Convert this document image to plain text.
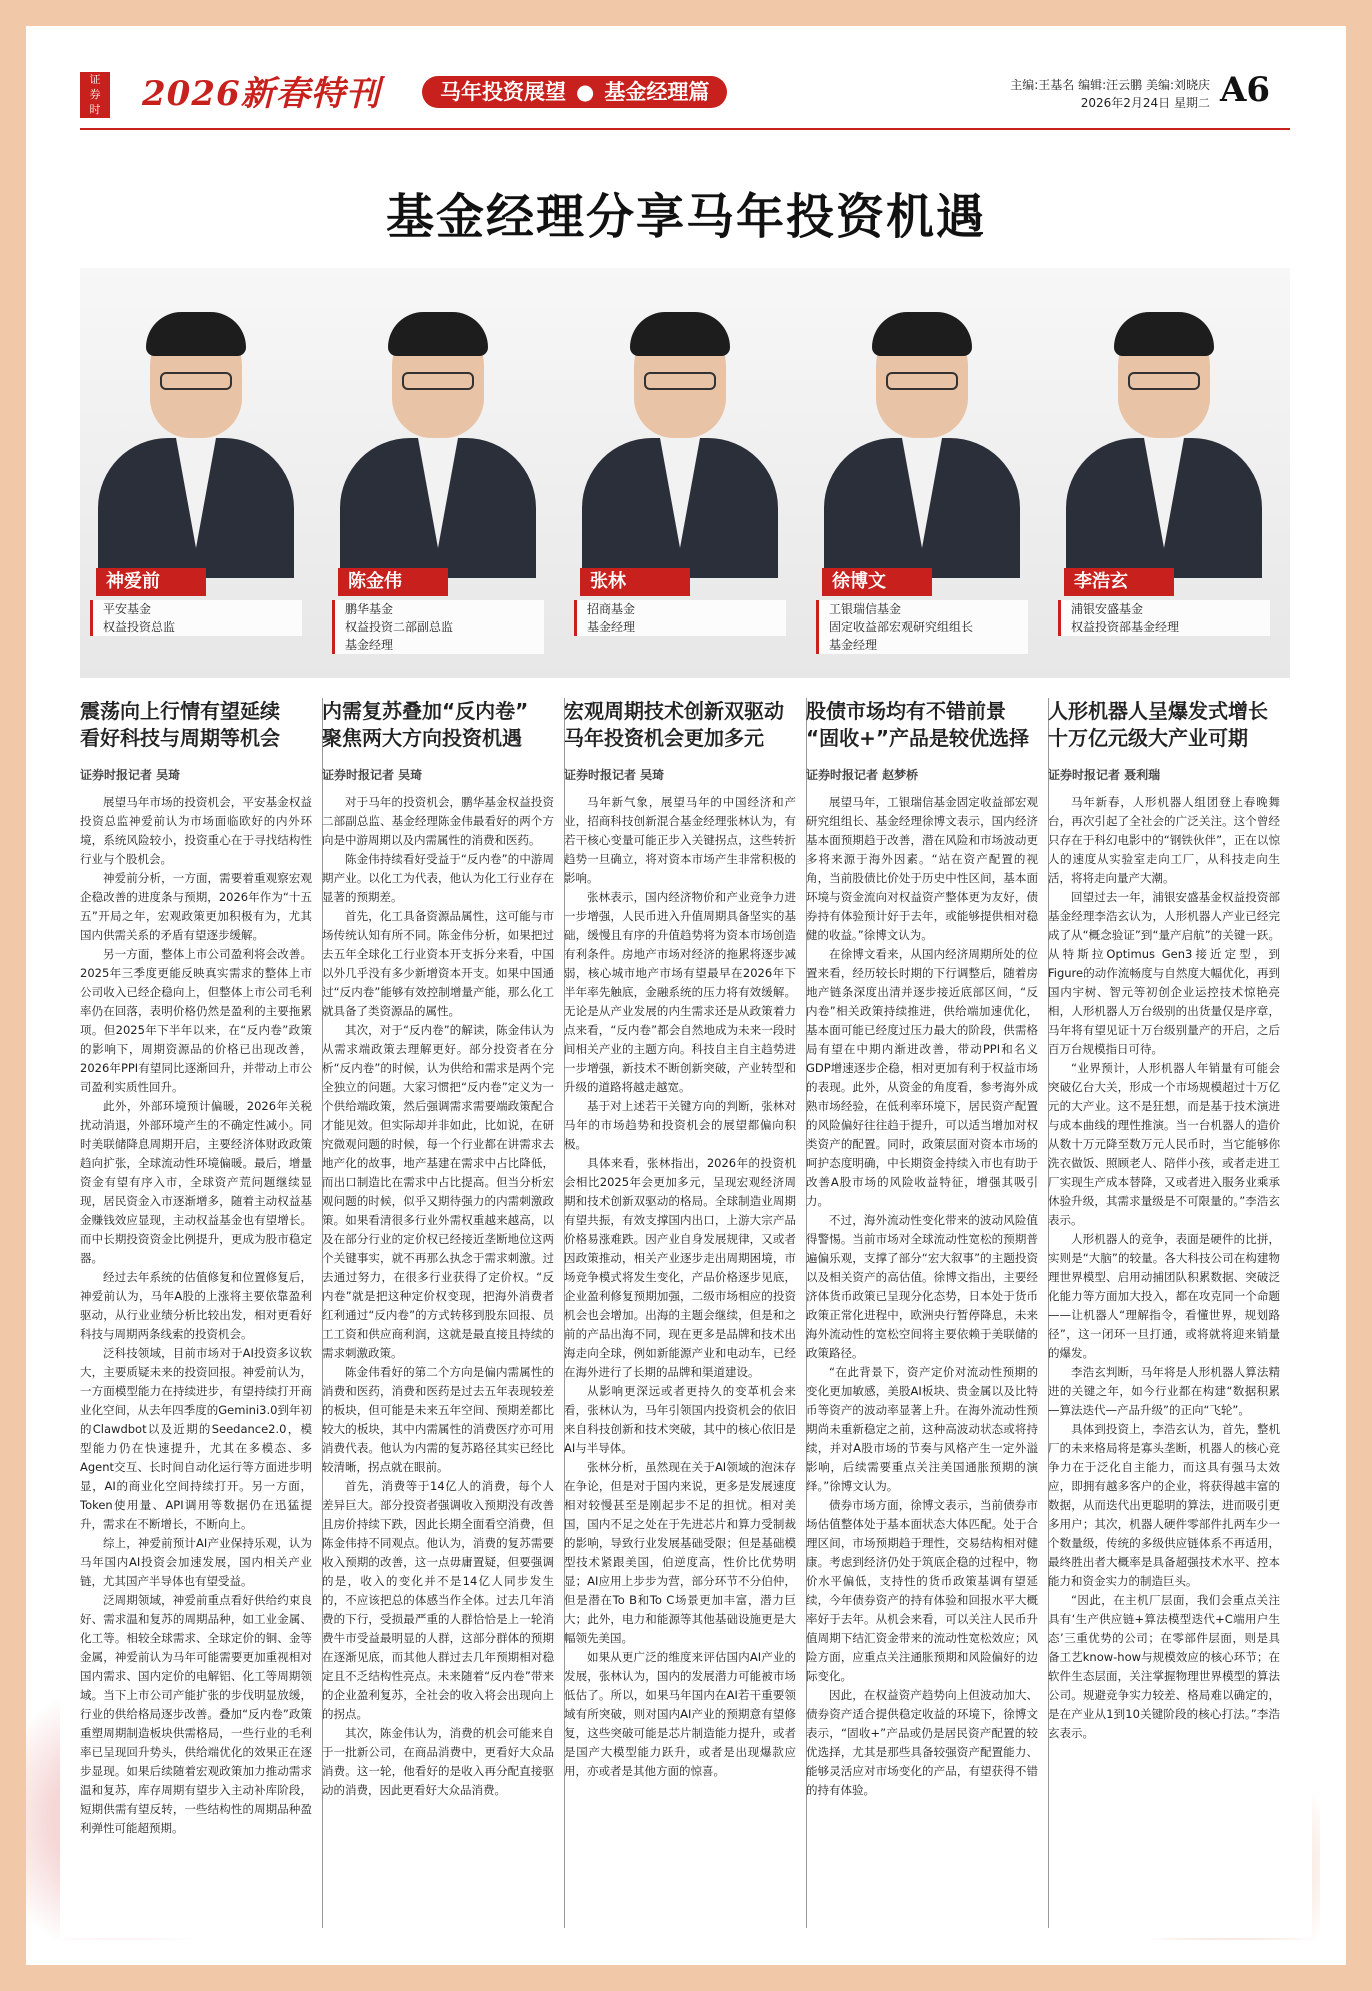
证
券
时 2026新春特刊	马年投资展望 ● 基金经理篇	主编:王基名 编辑:汪云鹏 美编:刘晓庆
2026年2月24日 星期二 A6
基金经理分享马年投资机遇
神爱前
平安基金
权益投资总监
陈金伟
鹏华基金
权益投资二部副总监
基金经理
张林
招商基金
基金经理
徐博文
工银瑞信基金
固定收益部宏观研究组组长
基金经理
李浩玄
浦银安盛基金
权益投资部基金经理
震荡向上行情有望延续
看好科技与周期等机会
证券时报记者 吴琦

展望马年市场的投资机会，平安基金权益投资总监神爱前认为市场面临欧好的内外环境，系统风险较小，投资重心在于寻找结构性行业与个股机会。

神爱前分析，一方面，需要着重观察宏观企稳改善的进度条与预期，2026年作为“十五五”开局之年，宏观政策更加积极有为，尤其国内供需关系的矛盾有望逐步缓解。

另一方面，整体上市公司盈利将会改善。2025年三季度更能反映真实需求的整体上市公司收入已经企稳向上，但整体上市公司毛利率仍在回落，表明价格仍然是盈利的主要拖累项。但2025年下半年以来，在“反内卷”政策的影响下，周期资源品的价格已出现改善，2026年PPI有望同比逐渐回升，并带动上市公司盈利实质性回升。

此外，外部环境预计偏暖，2026年关税扰动消退，外部环境产生的不确定性减小。同时美联储降息周期开启，主要经济体财政政策趋向扩张，全球流动性环境偏暖。最后，增量资金有望有序入市，全球资产荒问题继续显现，居民资金入市逐渐增多，随着主动权益基金赚钱效应显现，主动权益基金也有望增长。而中长期投资资金比例提升，更成为股市稳定器。

经过去年系统的估值修复和位置修复后，神爱前认为，马年A股的上涨将主要依靠盈利驱动，从行业业绩分析比较出发，相对更看好科技与周期两条线索的投资机会。

泛科技领域，目前市场对于AI投资多议软大，主要质疑未来的投资回报。神爱前认为，一方面模型能力在持续进步，有望持续打开商业化空间，从去年四季度的Gemini3.0到年初的Clawdbot以及近期的Seedance2.0，模型能力仍在快速提升，尤其在多模态、多Agent交互、长时间自动化运行等方面进步明显，AI的商业化空间持续打开。另一方面，Token使用量、API调用等数据仍在迅猛提升，需求在不断增长，不断向上。

综上，神爱前预计AI产业保持乐观，认为马年国内AI投资会加速发展，国内相关产业链，尤其国产半导体也有望受益。

泛周期领域，神爱前重点看好供给约束良好、需求温和复苏的周期品种，如工业金属、化工等。相较全球需求、全球定价的铜、金等金属，神爱前认为马年可能需要更加重视相对国内需求、国内定价的电解铝、化工等周期领域。当下上市公司产能扩张的步伐明显放缓，行业的供给格局逐步改善。叠加“反内卷”政策重塑周期制造板块供需格局，一些行业的毛利率已呈现回升势头，供给端优化的效果正在逐步显现。如果后续随着宏观政策加力推动需求温和复苏，库存周期有望步入主动补库阶段，短期供需有望反转，一些结构性的周期品种盈利弹性可能超预期。

内需复苏叠加“反内卷”
聚焦两大方向投资机遇
证券时报记者 吴琦

对于马年的投资机会，鹏华基金权益投资二部副总监、基金经理陈金伟最看好的两个方向是中游周期以及内需属性的消费和医药。

陈金伟持续看好受益于“反内卷”的中游周期产业。以化工为代表，他认为化工行业存在显著的预期差。

首先，化工具备资源品属性，这可能与市场传统认知有所不同。陈金伟分析，如果把过去五年全球化工行业资本开支拆分来看，中国以外几乎没有多少新增资本开支。如果中国通过“反内卷”能够有效控制增量产能，那么化工就具备了类资源品的属性。

其次，对于“反内卷”的解读，陈金伟认为从需求端政策去理解更好。部分投资者在分析“反内卷”的时候，认为供给和需求是两个完全独立的问题。大家习惯把“反内卷”定义为一个供给端政策，然后强调需求需要端政策配合才能见效。但实际却并非如此，比如说，在研究微观问题的时候，每一个行业都在讲需求去地产化的故事，地产基建在需求中占比降低，而出口制造比在需求中占比提高。但当分析宏观问题的时候，似乎又期待强力的内需刺激政策。如果看清很多行业外需权重越来越高，以及在部分行业的定价权已经接近垄断地位这两个关键事实，就不再那么执念于需求刺激。过去通过努力，在很多行业获得了定价权。“反内卷”就是把这种定价权变现，把海外消费者红利通过“反内卷”的方式转移到股东回报、员工工资和供应商利润，这就是最直接且持续的需求刺激政策。

陈金伟看好的第二个方向是偏内需属性的消费和医药，消费和医药是过去五年表现较差的板块，但可能是未来五年空间、预期差都比较大的板块，其中内需属性的消费医疗亦可用消费代表。他认为内需的复苏路径其实已经比较清晰，拐点就在眼前。

首先，消费等于14亿人的消费，每个人差异巨大。部分投资者强调收入预期没有改善且房价持续下跌，因此长期全面看空消费，但陈金伟持不同观点。他认为，消费的复苏需要收入预期的改善，这一点毋庸置疑，但要强调的是，收入的变化并不是14亿人同步发生的，不应该把总的体感当作全体。过去几年消费的下行，受损最严重的人群恰恰是上一轮消费牛市受益最明显的人群，这部分群体的预期在逐渐见底，而其他人群过去几年预期相对稳定且不乏结构性亮点。未来随着“反内卷”带来的企业盈利复苏，全社会的收入将会出现向上的拐点。

其次，陈金伟认为，消费的机会可能来自于一批新公司，在商品消费中，更看好大众品消费。这一轮，他看好的是收入再分配直接驱动的消费，因此更看好大众品消费。

宏观周期技术创新双驱动
马年投资机会更加多元
证券时报记者 吴琦

马年新气象，展望马年的中国经济和产业，招商科技创新混合基金经理张林认为，有若干核心变量可能正步入关键拐点，这些转折趋势一旦确立，将对资本市场产生非常积极的影响。

张林表示，国内经济物价和产业竞争力进一步增强，人民币进入升值周期具备坚实的基础，缓慢且有序的升值趋势将为资本市场创造有利条件。房地产市场对经济的拖累将逐步减弱，核心城市地产市场有望最早在2026年下半年率先触底，金融系统的压力将有效缓解。无论是从产业发展的内生需求还是从政策着力点来看，“反内卷”都会自然地成为未来一段时间相关产业的主题方向。科技自主自主趋势进一步增强，新技术不断创新突破，产业转型和升级的道路将越走越宽。

基于对上述若干关键方向的判断，张林对马年的市场趋势和投资机会的展望都偏向积极。

具体来看，张林指出，2026年的投资机会相比2025年会更加多元，呈现宏观经济周期和技术创新双驱动的格局。全球制造业周期有望共振，有效支撑国内出口，上游大宗产品价格易涨难跌。因产业自身发展规律，又或者因政策推动，相关产业逐步走出周期困境，市场竞争模式将发生变化，产品价格逐步见底，企业盈利修复预期加强，二级市场相应的投资机会也会增加。出海的主题会继续，但是和之前的产品出海不同，现在更多是品牌和技术出海走向全球，例如新能源产业和电动车，已经在海外进行了长期的品牌和渠道建设。

从影响更深远或者更持久的变革机会来看，张林认为，马年引领国内投资机会的依旧来自科技创新和技术突破，其中的核心依旧是AI与半导体。

张林分析，虽然现在关于AI领域的泡沫存在争论，但是对于国内来说，更多是发展速度相对较慢甚至是刚起步不足的担忧。相对美国，国内不足之处在于先进芯片和算力受制裁的影响，导致行业发展基础受限；但是基础模型技术紧跟美国，伯逆度高，性价比优势明显；AI应用上步步为营，部分环节不分伯仲，但是潜在To B和To C场景更加丰富，潜力巨大；此外，电力和能源等其他基础设施更是大幅领先美国。

如果从更广泛的维度来评估国内AI产业的发展，张林认为，国内的发展潜力可能被市场低估了。所以，如果马年国内在AI若干重要领域有所突破，则对国内AI产业的预期意有望修复，这些突破可能是芯片制造能力提升，或者是国产大模型能力跃升，或者是出现爆款应用，亦或者是其他方面的惊喜。

股债市场均有不错前景
“固收+”产品是较优选择
证券时报记者 赵梦桥

展望马年，工银瑞信基金固定收益部宏观研究组组长、基金经理徐博文表示，国内经济基本面预期趋于改善，潜在风险和市场波动更多将来源于海外因素。“站在资产配置的视角，当前股债比价处于历史中性区间，基本面环境与资金流向对权益资产整体更为友好，债券持有体验预计好于去年，或能够提供相对稳健的收益。”徐博文认为。

在徐博文看来，从国内经济周期所处的位置来看，经历较长时期的下行调整后，随着房地产链条深度出清并逐步接近底部区间，“反内卷”相关政策持续推进，供给端加速优化，基本面可能已经度过压力最大的阶段，供需格局有望在中期内渐进改善，带动PPI和名义GDP增速逐步企稳，相对更加有利于权益市场的表现。此外，从资金的角度看，参考海外成熟市场经验，在低利率环境下，居民资产配置的风险偏好往往趋于提升，可以适当增加对权类资产的配置。同时，政策层面对资本市场的呵护态度明确，中长期资金持续入市也有助于改善A股市场的风险收益特征，增强其吸引力。

不过，海外流动性变化带来的波动风险值得警惕。当前市场对全球流动性宽松的预期普遍偏乐观，支撑了部分“宏大叙事”的主题投资以及相关资产的高估值。徐博文指出，主要经济体货币政策已呈现分化态势，日本处于货币政策正常化进程中，欧洲央行暂停降息，未来海外流动性的宽松空间将主要依赖于美联储的政策路径。

“在此背景下，资产定价对流动性预期的变化更加敏感，美股AI板块、贵金属以及比特币等资产的波动率显著上升。在海外流动性预期尚未重新稳定之前，这种高波动状态或将持续，并对A股市场的节奏与风格产生一定外溢影响，后续需要重点关注美国通胀预期的演绎。”徐博文认为。

债券市场方面，徐博文表示，当前债券市场估值整体处于基本面状态大体匹配。处于合理区间，市场预期趋于理性，交易结构相对健康。考虑到经济仍处于筑底企稳的过程中，物价水平偏低，支持性的货币政策基调有望延续，今年债券资产的持有体验和回报水平大概率好于去年。从机会来看，可以关注人民币升值周期下结汇资金带来的流动性宽松效应；风险方面，应重点关注通胀预期和风险偏好的边际变化。

因此，在权益资产趋势向上但波动加大、债券资产适合提供稳定收益的环境下，徐博文表示，“固收+”产品或仍是居民资产配置的较优选择，尤其是那些具备较强资产配置能力、能够灵活应对市场变化的产品，有望获得不错的持有体验。

人形机器人呈爆发式增长
十万亿元级大产业可期
证券时报记者 聂利瑞

马年新春，人形机器人组团登上春晚舞台，再次引起了全社会的广泛关注。这个曾经只存在于科幻电影中的“钢铁伙伴”，正在以惊人的速度从实验室走向工厂，从科技走向生活，将将走向量产大潮。

回望过去一年，浦银安盛基金权益投资部基金经理李浩玄认为，人形机器人产业已经完成了从“概念验证”到“量产启航”的关键一跃。从特斯拉Optimus Gen3接近定型，到Figure的动作流畅度与自然度大幅优化，再到国内宇树、智元等初创企业运控技术惊艳亮相，人形机器人万台级别的出货量仅是序章，马年将有望见证十万台级别量产的开启，之后百万台规模指日可待。

“业界预计，人形机器人年销量有可能会突破亿台大关，形成一个市场规模超过十万亿元的大产业。这不是狂想，而是基于技术演进与成本曲线的理性推演。当一台机器人的造价从数十万元降至数万元人民币时，当它能够你洗衣做饭、照顾老人、陪伴小孩，或者走进工厂实现生产成本替降，又或者进入服务业乘承休验升级，其需求量级是不可限量的。”李浩玄表示。

人形机器人的竞争，表面是硬件的比拼，实则是“大脑”的较量。各大科技公司在构建物理世界模型、启用动捕团队积累数据、突破泛化能力等方面加大投入，都在攻克同一个命题——让机器人“理解指令，看懂世界，规划路径”，这一闭环一旦打通，或将就将迎来销量的爆发。

李浩玄判断，马年将是人形机器人算法精进的关键之年，如今行业都在构建“数据积累—算法迭代—产品升级”的正向“飞轮”。

具体到投资上，李浩玄认为，首先，整机厂的未来格局将是寡头垄断，机器人的核心竞争力在于泛化自主能力，而这具有强马太效应，即拥有越多客户的企业，将获得越丰富的数据，从而迭代出更聪明的算法，进而吸引更多用户；其次，机器人硬件零部件扎两车少一个数量级，传统的多级供应链体系不再适用，最终胜出者大概率是具备超强技术水平、控本能力和资金实力的制造巨头。

“因此，在主机厂层面，我们会重点关注具有‘生产供应链+算法模型迭代+C端用户生态’三重优势的公司；在零部件层面，则是具备工艺know-how与规模效应的核心环节；在软件生态层面，关注掌握物理世界模型的算法公司。规避竞争实力较差、格局难以确定的，是在产业从1到10关键阶段的核心打法。”李浩玄表示。
